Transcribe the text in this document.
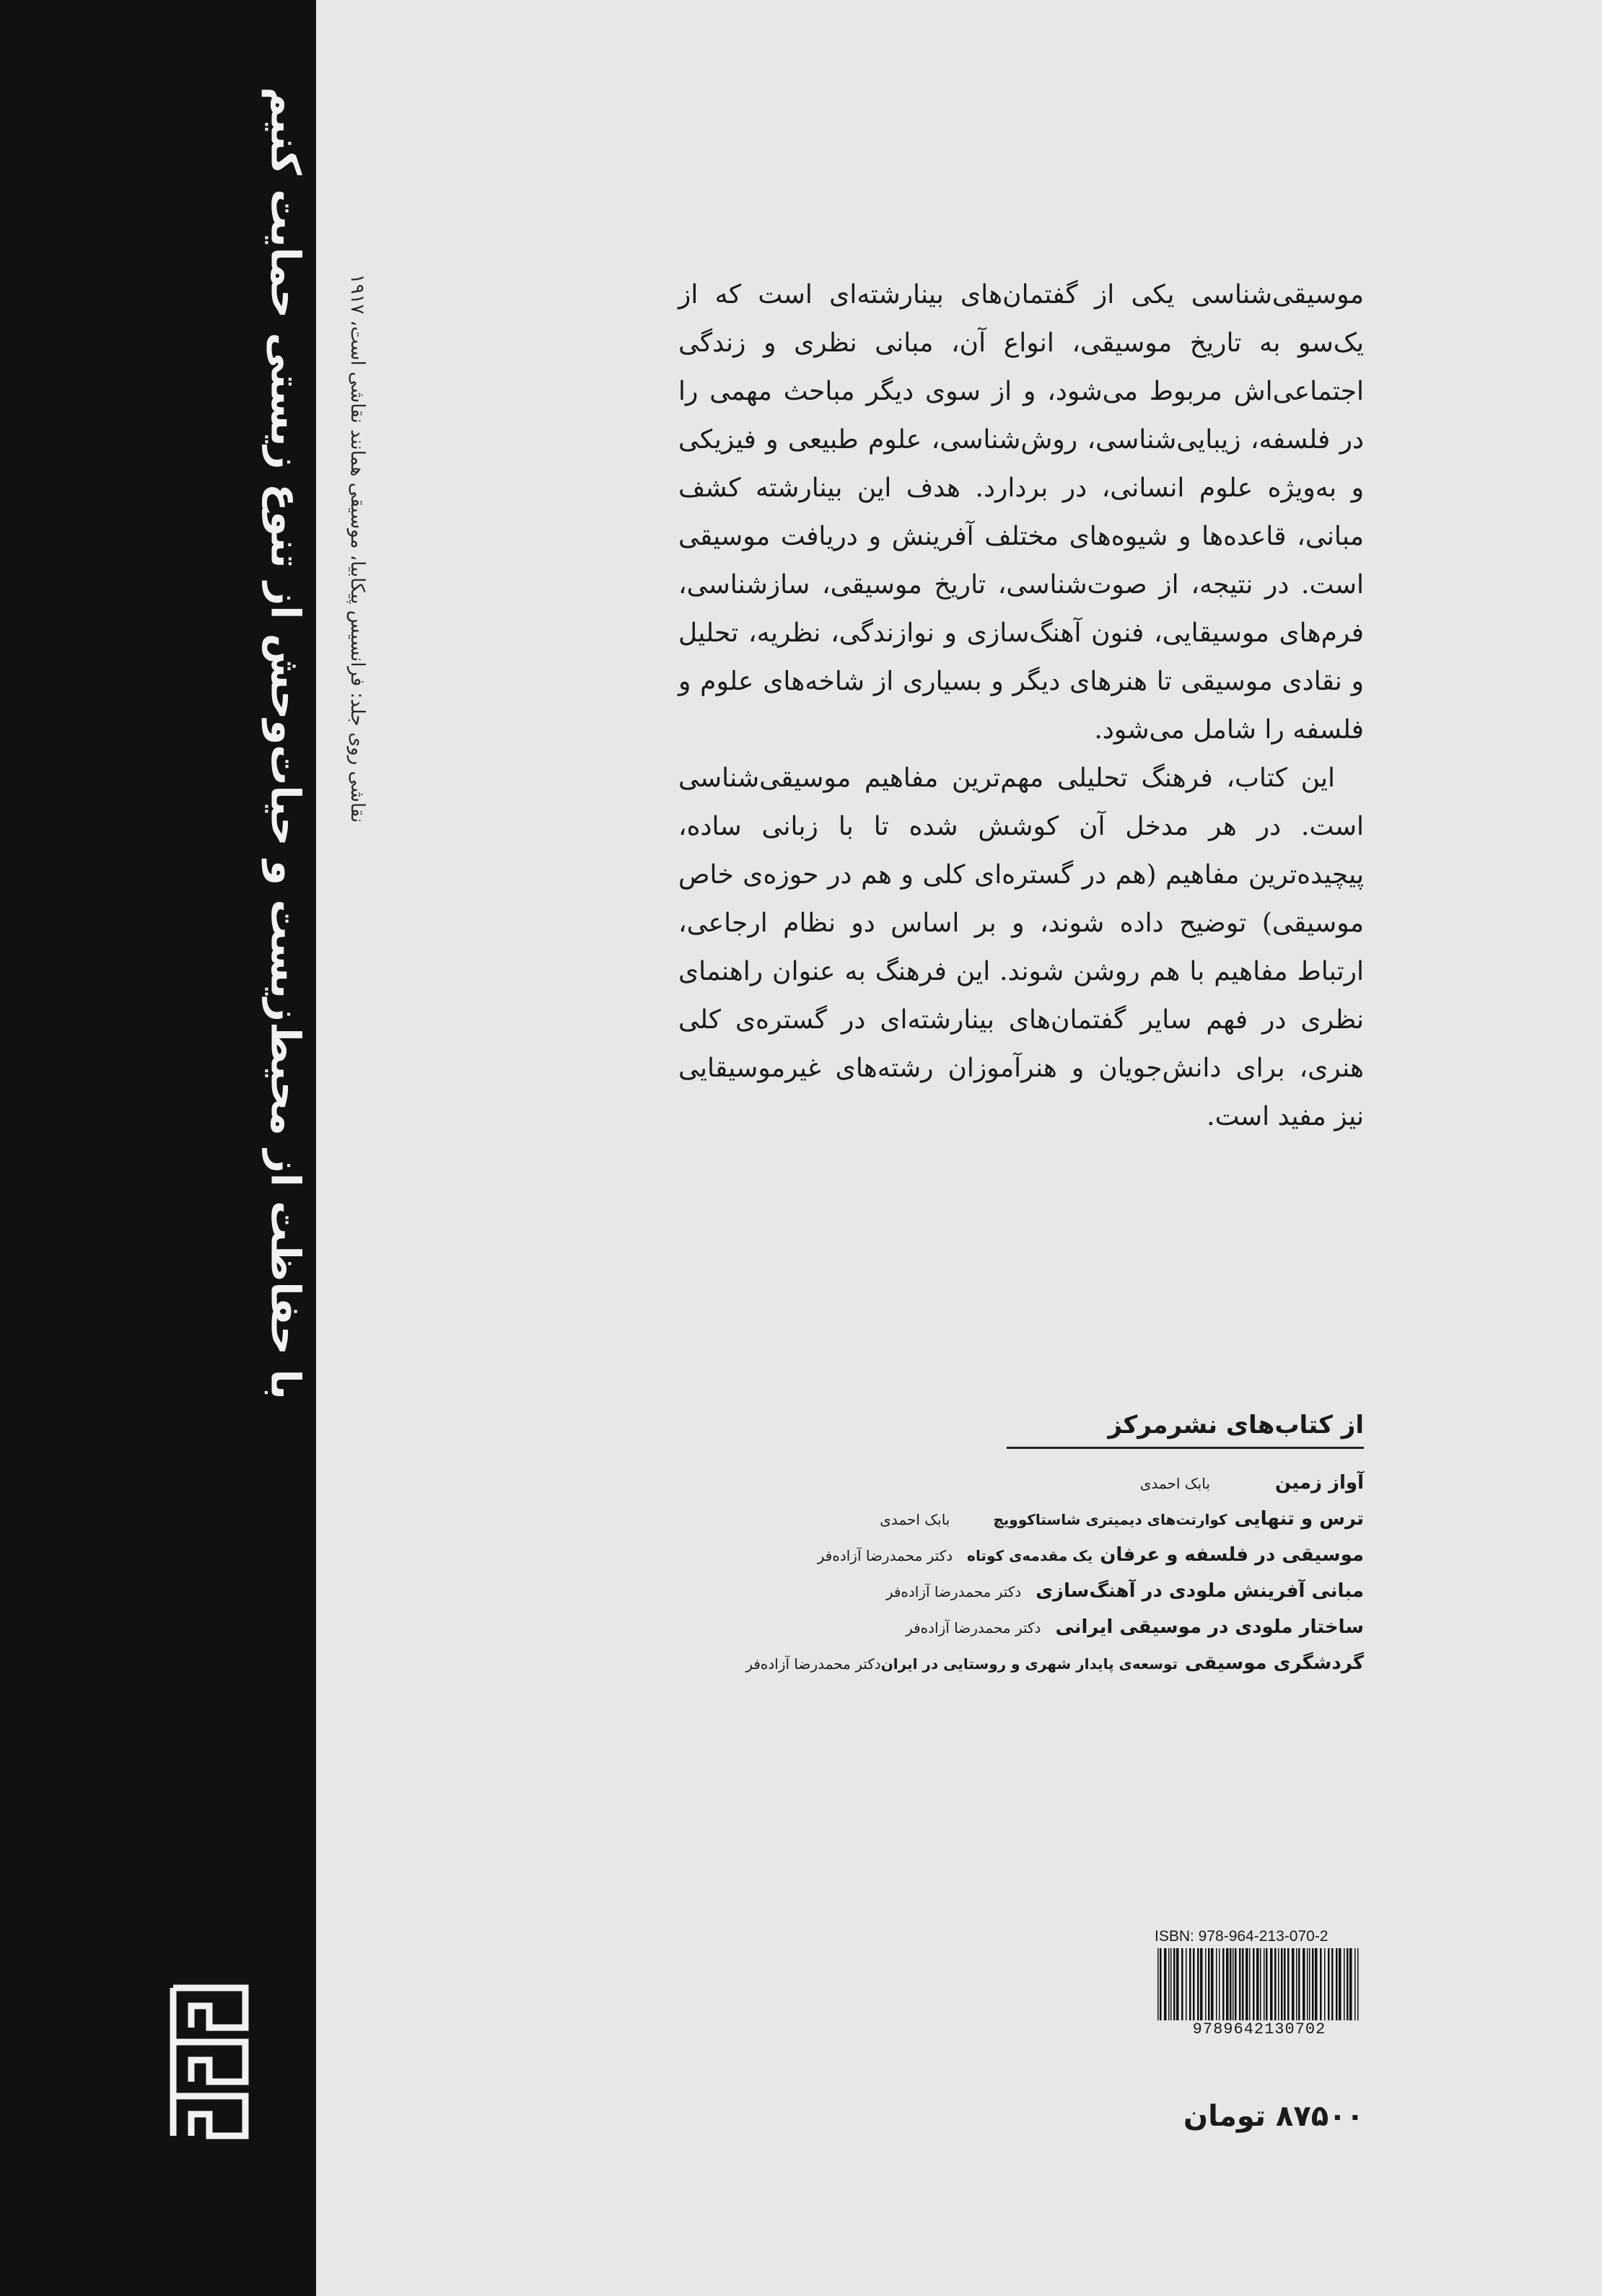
با حفاظت از محیط‌زیست و حیات‌وحش از تنوع زیستی حمایت کنیم نقاشی روی جلد: فرانسیس پیکابیا، موسیقی همانند نقاشی است، ۱۹۱۷

موسیقی‌شناسی یکی از گفتمان‌های بینارشته‌ای است که از یک‌سو به تاریخ موسیقی، انواع آن، مبانی نظری و زندگی اجتماعی‌اش مربوط می‌شود، و از سوی دیگر مباحث مهمی را در فلسفه، زیبایی‌شناسی، روش‌شناسی، علوم طبیعی و فیزیکی و به‌ویژه علوم انسانی، در بردارد. هدف این بینارشته کشف مبانی، قاعده‌ها و شیوه‌های مختلف آفرینش و دریافت موسیقی است. در نتیجه، از صوت‌شناسی، تاریخ موسیقی، سازشناسی، فرم‌های موسیقایی، فنون آهنگ‌سازی و نوازندگی، نظریه، تحلیل و نقادی موسیقی تا هنرهای دیگر و بسیاری از شاخه‌های علوم و فلسفه را شامل می‌شود.

این کتاب، فرهنگ تحلیلی مهم‌ترین مفاهیم موسیقی‌شناسی است. در هر مدخل آن کوشش شده تا با زبانی ساده، پیچیده‌ترین مفاهیم (هم در گستره‌ای کلی و هم در حوزه‌ی خاص موسیقی) توضیح داده شوند، و بر اساس دو نظام ارجاعی، ارتباط مفاهیم با هم روشن شوند. این فرهنگ به عنوان راهنمای نظری در فهم سایر گفتمان‌های بینارشته‌ای در گستره‌ی کلی هنری، برای دانش‌جویان و هنرآموزان رشته‌های غیرموسیقایی نیز مفید است.

از کتاب‌های نشرمرکز
آواز زمین
بابک احمدی
ترس و تنهایی
کوارتت‌های دیمیتری شاستاکوویچ
بابک احمدی
موسیقی در فلسفه و عرفان
یک مقدمه‌ی کوتاه
دکتر محمدرضا آزاده‌فر
مبانی آفرینش ملودی در آهنگ‌سازی
دکتر محمدرضا آزاده‌فر
ساختار ملودی در موسیقی ایرانی
دکتر محمدرضا آزاده‌فر
گردشگری موسیقی
توسعه‌ی پایدار شهری و روستایی در ایران
دکتر محمدرضا آزاده‌فر
ISBN: 978-964-213-070-2
9789642130702
۸۷۵۰۰ تومان
